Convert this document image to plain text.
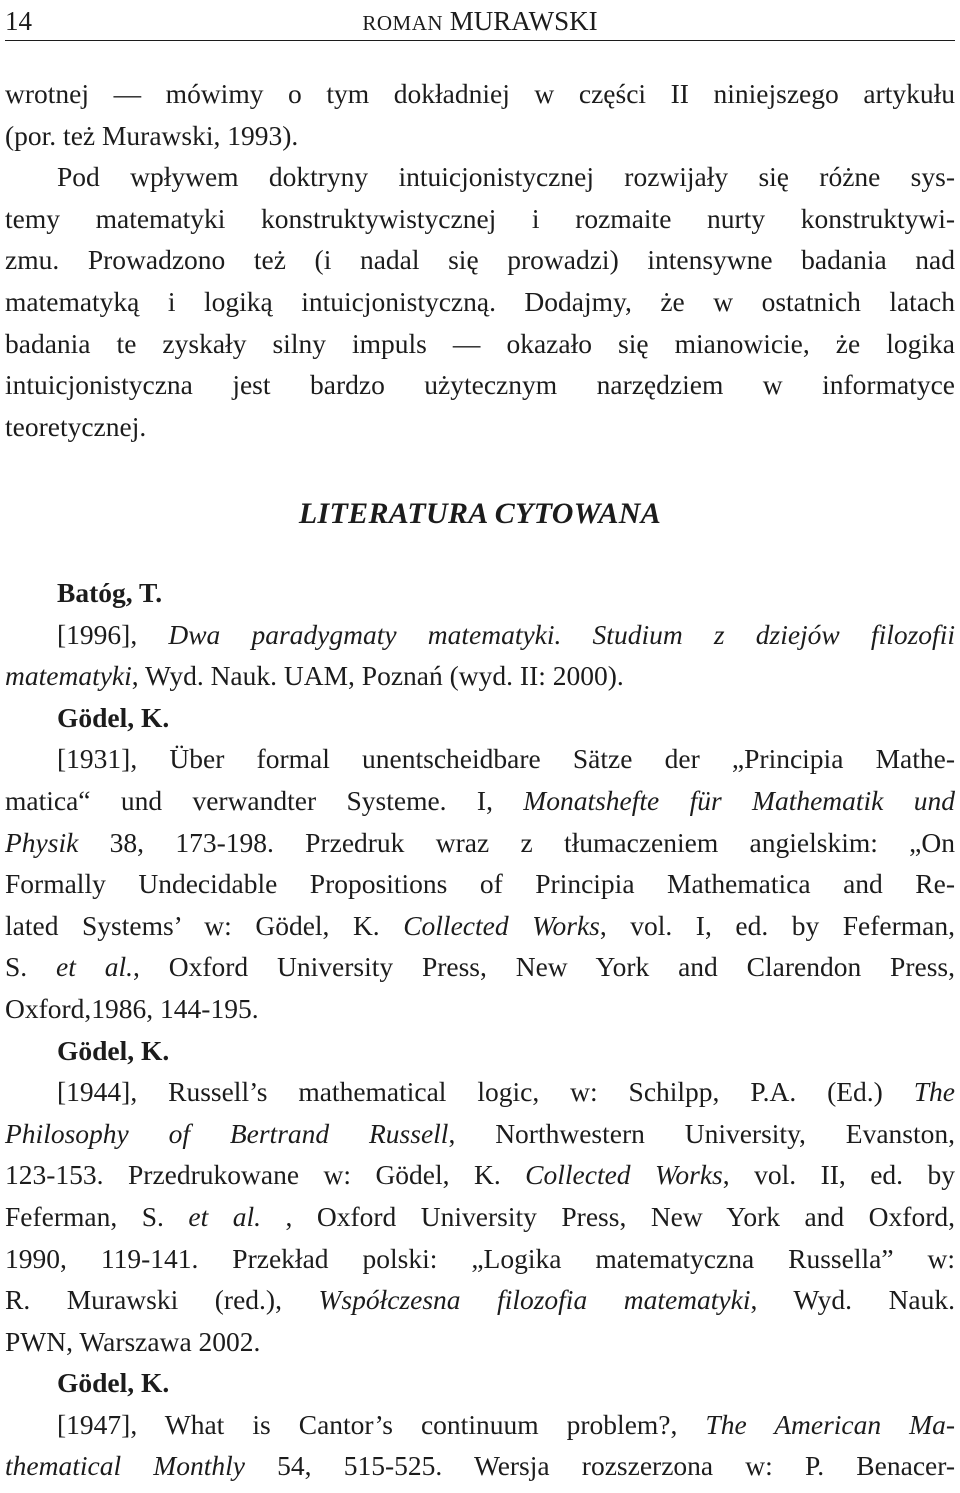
14	ROMAN MURAWSKI
wrotnej — mówimy o tym dokładniej w części II niniejszego artykułu
(por. też Murawski, 1993).
Pod wpływem doktryny intuicjonistycznej rozwijały się różne sys-
temy matematyki konstruktywistycznej i rozmaite nurty konstruktywi-
zmu. Prowadzono też (i nadal się prowadzi) intensywne badania nad
matematyką i logiką intuicjonistyczną. Dodajmy, że w ostatnich latach
badania te zyskały silny impuls — okazało się mianowicie, że logika
intuicjonistyczna jest bardzo użytecznym narzędziem w informatyce
teoretycznej.
LITERATURA CYTOWANA
Batóg, T.
[1996], Dwa paradygmaty matematyki. Studium z dziejów filozofii
matematyki, Wyd. Nauk. UAM, Poznań (wyd. II: 2000).
Gödel, K.
[1931], Über formal unentscheidbare Sätze der „Principia Mathe-
matica“ und verwandter Systeme. I, Monatshefte für Mathematik und
Physik 38, 173-198. Przedruk wraz z tłumaczeniem angielskim: „On
Formally Undecidable Propositions of Principia Mathematica and Re-
lated Systems’ w: Gödel, K. Collected Works, vol. I, ed. by Feferman,
S. et al., Oxford University Press, New York and Clarendon Press,
Oxford,1986, 144-195.
Gödel, K.
[1944], Russell’s mathematical logic, w: Schilpp, P.A. (Ed.) The
Philosophy of Bertrand Russell, Northwestern University, Evanston,
123-153. Przedrukowane w: Gödel, K. Collected Works, vol. II, ed. by
Feferman, S. et al. , Oxford University Press, New York and Oxford,
1990, 119-141. Przekład polski: „Logika matematyczna Russella” w:
R. Murawski (red.), Współczesna filozofia matematyki, Wyd. Nauk.
PWN, Warszawa 2002.
Gödel, K.
[1947], What is Cantor’s continuum problem?, The American Ma-
thematical Monthly 54, 515-525. Wersja rozszerzona w: P. Benacer-
